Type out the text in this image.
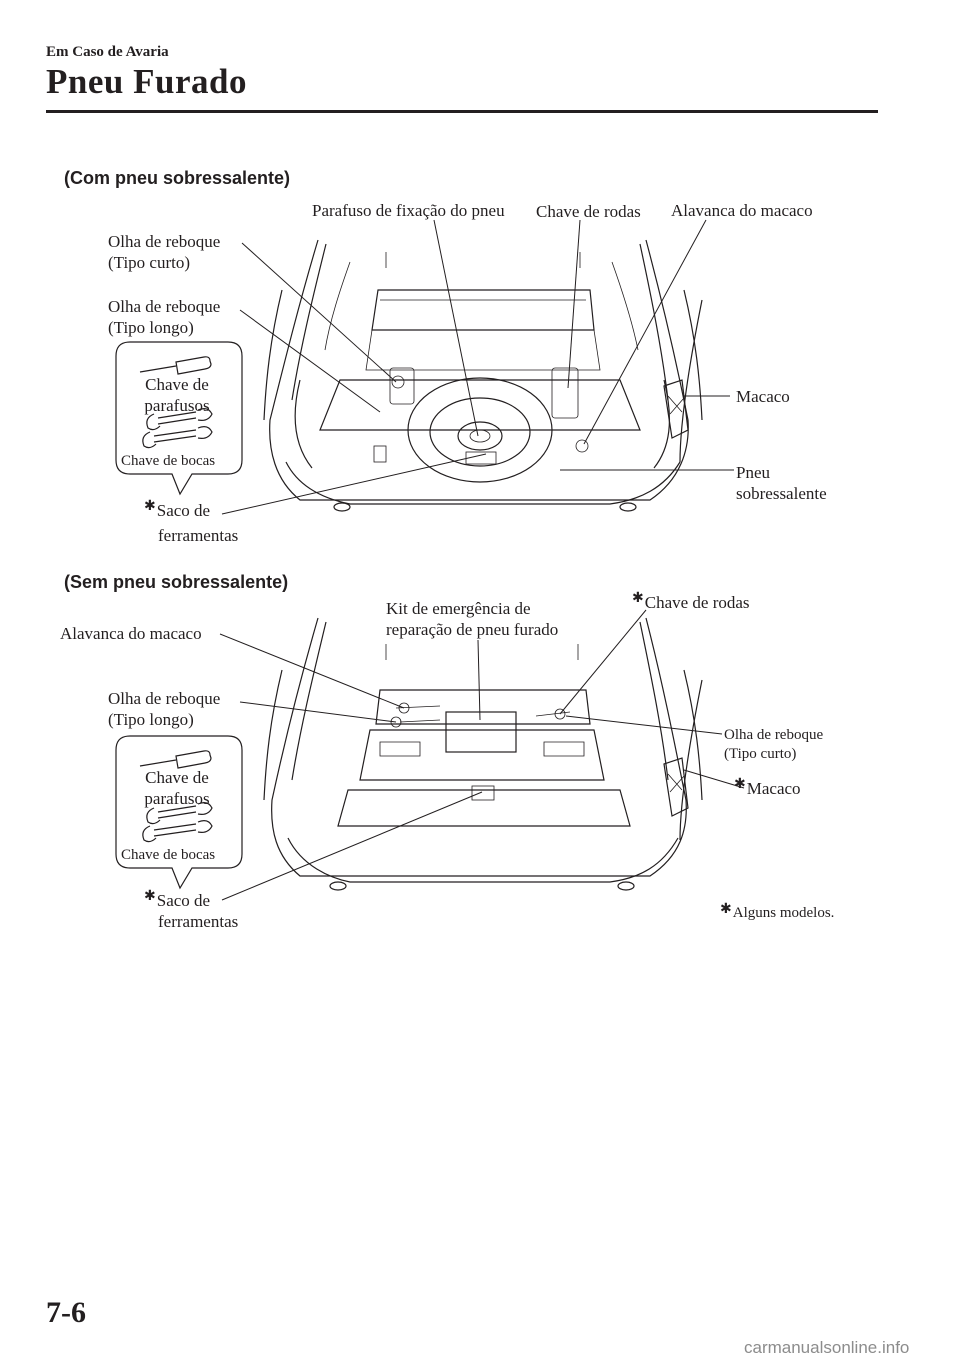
Em Caso de Avaria
Pneu Furado
(Com pneu sobressalente)
Parafuso de fixação do pneu Chave de rodas Alavanca do macaco
Olha de reboque
(Tipo curto)
Olha de reboque
(Tipo longo)
Chave de
parafusos
Chave de bocas
Macaco
Pneu
sobressalente
✱Saco de
ferramentas
(Sem pneu sobressalente)
Kit de emergência de
reparação de pneu furado
✱Chave de rodas
Alavanca do macaco
Olha de reboque
(Tipo longo)
Olha de reboque
(Tipo curto)
Chave de
parafusos
Chave de bocas
✱Macaco
✱Saco de
ferramentas
✱Alguns modelos.
7-6
carmanualsonline.info
